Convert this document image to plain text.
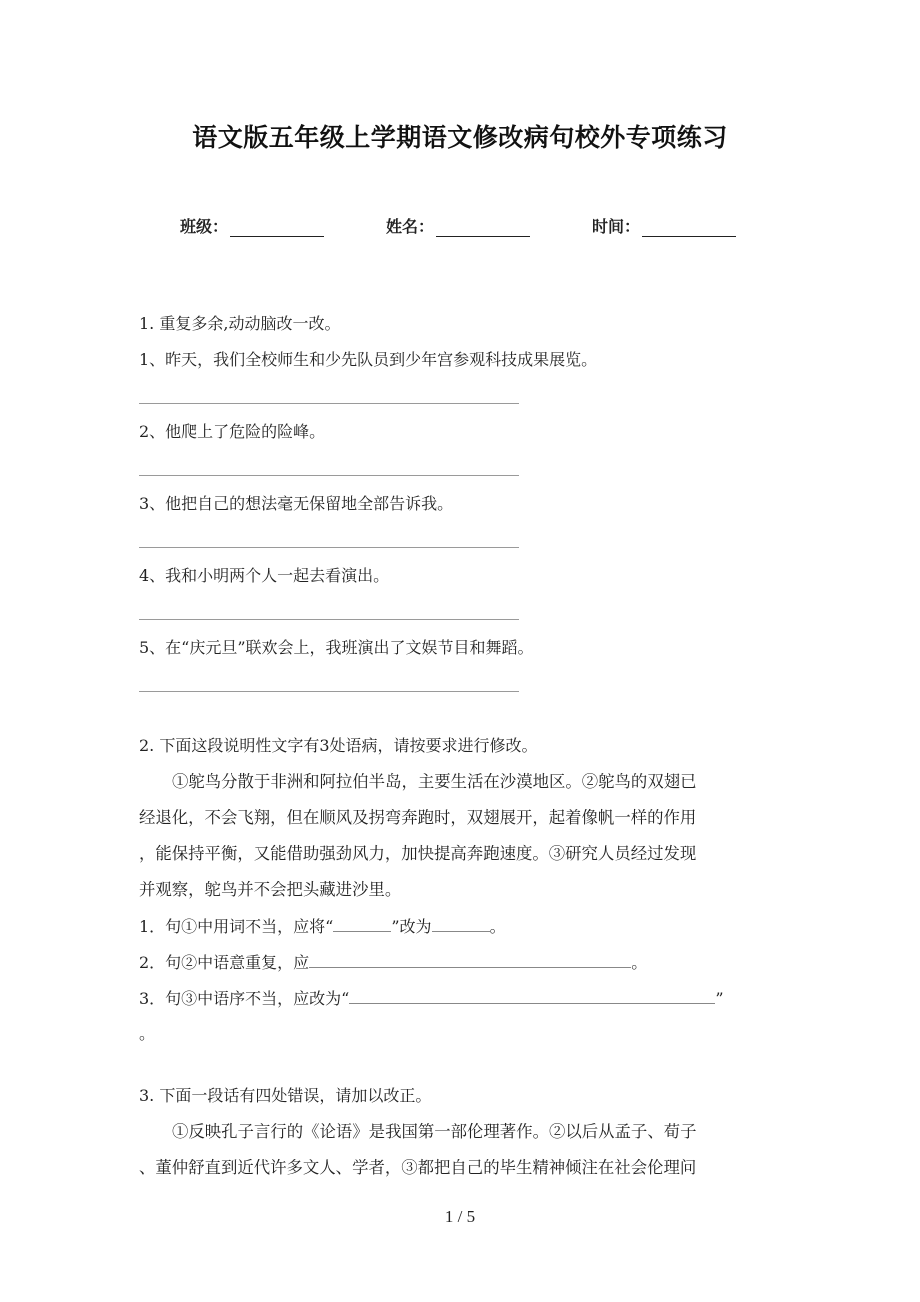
语文版五年级上学期语文修改病句校外专项练习
班级：	姓名：	时间：
1. 重复多余,动动脑改一改。
1、昨天，我们全校师生和少先队员到少年宫参观科技成果展览。
2、他爬上了危险的险峰。
3、他把自己的想法毫无保留地全部告诉我。
4、我和小明两个人一起去看演出。
5、在“庆元旦”联欢会上，我班演出了文娱节目和舞蹈。
2. 下面这段说明性文字有3处语病，请按要求进行修改。
①鸵鸟分散于非洲和阿拉伯半岛，主要生活在沙漠地区。②鸵鸟的双翅已
经退化，不会飞翔，但在顺风及拐弯奔跑时，双翅展开，起着像帆一样的作用
，能保持平衡，又能借助强劲风力，加快提高奔跑速度。③研究人员经过发现
并观察，鸵鸟并不会把头藏进沙里。
1．句①中用词不当，应将“	”改为	。
2．句②中语意重复，应	。
3．句③中语序不当，应改为“	”
。
3. 下面一段话有四处错误，请加以改正。
①反映孔子言行的《论语》是我国第一部伦理著作。②以后从孟子、荀子
、董仲舒直到近代许多文人、学者，③都把自己的毕生精神倾注在社会伦理问
1 / 5
